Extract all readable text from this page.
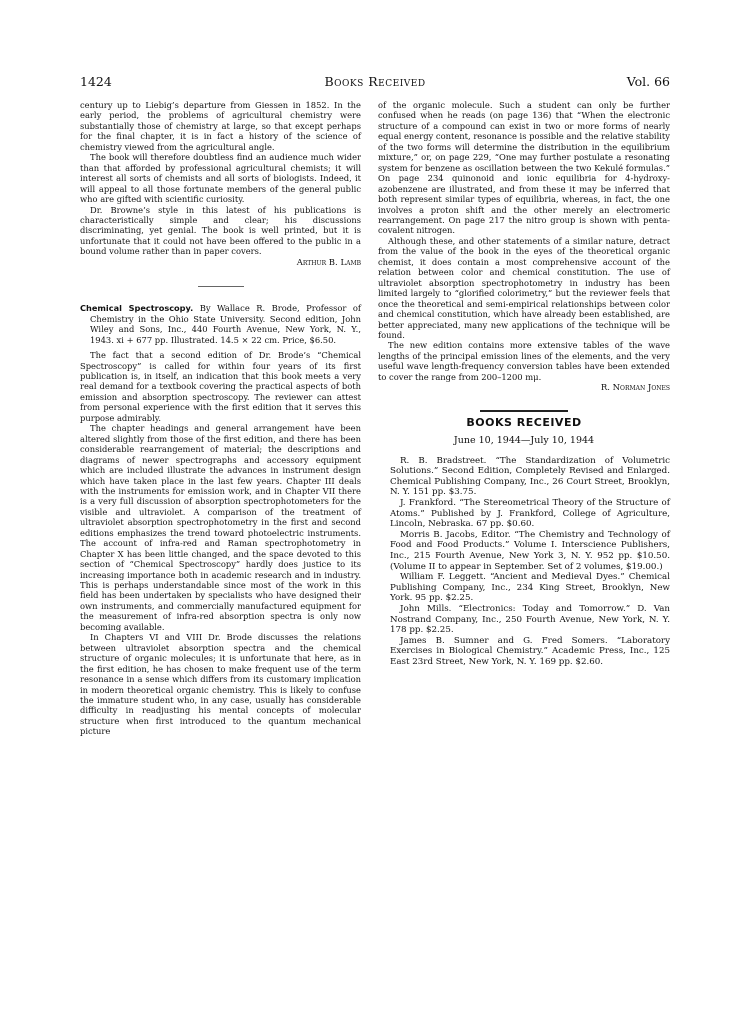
1424	Books Received	Vol. 66

century up to Liebig’s departure from Giessen in 1852. In the early period, the problems of agricultural chemistry were substantially those of chemistry at large, so that except perhaps for the final chapter, it is in fact a history of the science of chemistry viewed from the agricultural angle.

The book will therefore doubtless find an audience much wider than that afforded by professional agricultural chemists; it will interest all sorts of chemists and all sorts of biologists. Indeed, it will appeal to all those fortunate members of the general public who are gifted with scientific curiosity.

Dr. Browne’s style in this latest of his publications is characteristically simple and clear; his discussions discriminating, yet genial. The book is well printed, but it is unfortunate that it could not have been offered to the public in a bound volume rather than in paper covers.

Arthur B. Lamb

Chemical Spectroscopy. By Wallace R. Brode, Professor of Chemistry in the Ohio State University. Second edition, John Wiley and Sons, Inc., 440 Fourth Avenue, New York, N. Y., 1943. xi + 677 pp. Illustrated. 14.5 × 22 cm. Price, $6.50.

The fact that a second edition of Dr. Brode’s “Chemical Spectroscopy” is called for within four years of its first publication is, in itself, an indication that this book meets a very real demand for a textbook covering the practical aspects of both emission and absorption spectroscopy. The reviewer can attest from personal experience with the first edition that it serves this purpose admirably.

The chapter headings and general arrangement have been altered slightly from those of the first edition, and there has been considerable rearrangement of material; the descriptions and diagrams of newer spectrographs and accessory equipment which are included illustrate the advances in instrument design which have taken place in the last few years. Chapter III deals with the instruments for emission work, and in Chapter VII there is a very full discussion of absorption spectrophotometers for the visible and ultraviolet. A comparison of the treatment of ultraviolet absorption spectrophotometry in the first and second editions emphasizes the trend toward photoelectric instruments. The account of infra-red and Raman spectrophotometry in Chapter X has been little changed, and the space devoted to this section of “Chemical Spectroscopy” hardly does justice to its increasing importance both in academic research and in industry. This is perhaps understandable since most of the work in this field has been undertaken by specialists who have designed their own instruments, and commercially manufactured equipment for the measurement of infra-red absorption spectra is only now becoming available.

In Chapters VI and VIII Dr. Brode discusses the relations between ultraviolet absorption spectra and the chemical structure of organic molecules; it is unfortunate that here, as in the first edition, he has chosen to make frequent use of the term resonance in a sense which differs from its customary implication in modern theoretical organic chemistry. This is likely to confuse the immature student who, in any case, usually has considerable difficulty in readjusting his mental concepts of molecular structure when first introduced to the quantum mechanical picture

of the organic molecule. Such a student can only be further confused when he reads (on page 136) that “When the electronic structure of a compound can exist in two or more forms of nearly equal energy content, resonance is possible and the relative stability of the two forms will determine the distribution in the equilibrium mixture,” or, on page 229, “One may further postulate a resonating system for benzene as oscillation between the two Kekulé formulas.” On page 234 quinonoid and ionic equilibria for 4-hydroxy-azobenzene are illustrated, and from these it may be inferred that both represent similar types of equilibria, whereas, in fact, the one involves a proton shift and the other merely an electromeric rearrangement. On page 217 the nitro group is shown with penta-covalent nitrogen.

Although these, and other statements of a similar nature, detract from the value of the book in the eyes of the theoretical organic chemist, it does contain a most comprehensive account of the relation between color and chemical constitution. The use of ultraviolet absorption spectrophotometry in industry has been limited largely to “glorified colorimetry,” but the reviewer feels that once the theoretical and semi-empirical relationships between color and chemical constitution, which have already been established, are better appreciated, many new applications of the technique will be found.

The new edition contains more extensive tables of the wave lengths of the principal emission lines of the elements, and the very useful wave length-frequency conversion tables have been extended to cover the range from 200–1200 mμ.

R. Norman Jones
BOOKS RECEIVED
June 10, 1944—July 10, 1944

R. B. Bradstreet. “The Standardization of Volumetric Solutions.” Second Edition, Completely Revised and Enlarged. Chemical Publishing Company, Inc., 26 Court Street, Brooklyn, N. Y. 151 pp. $3.75.

J. Frankford. “The Stereometrical Theory of the Structure of Atoms.” Published by J. Frankford, College of Agriculture, Lincoln, Nebraska. 67 pp. $0.60.

Morris B. Jacobs, Editor. “The Chemistry and Technology of Food and Food Products.” Volume I. Interscience Publishers, Inc., 215 Fourth Avenue, New York 3, N. Y. 952 pp. $10.50. (Volume II to appear in September. Set of 2 volumes, $19.00.)

William F. Leggett. “Ancient and Medieval Dyes.” Chemical Publishing Company, Inc., 234 King Street, Brooklyn, New York. 95 pp. $2.25.

John Mills. “Electronics: Today and Tomorrow.” D. Van Nostrand Company, Inc., 250 Fourth Avenue, New York, N. Y. 178 pp. $2.25.

James B. Sumner and G. Fred Somers. “Laboratory Exercises in Biological Chemistry.” Academic Press, Inc., 125 East 23rd Street, New York, N. Y. 169 pp. $2.60.
